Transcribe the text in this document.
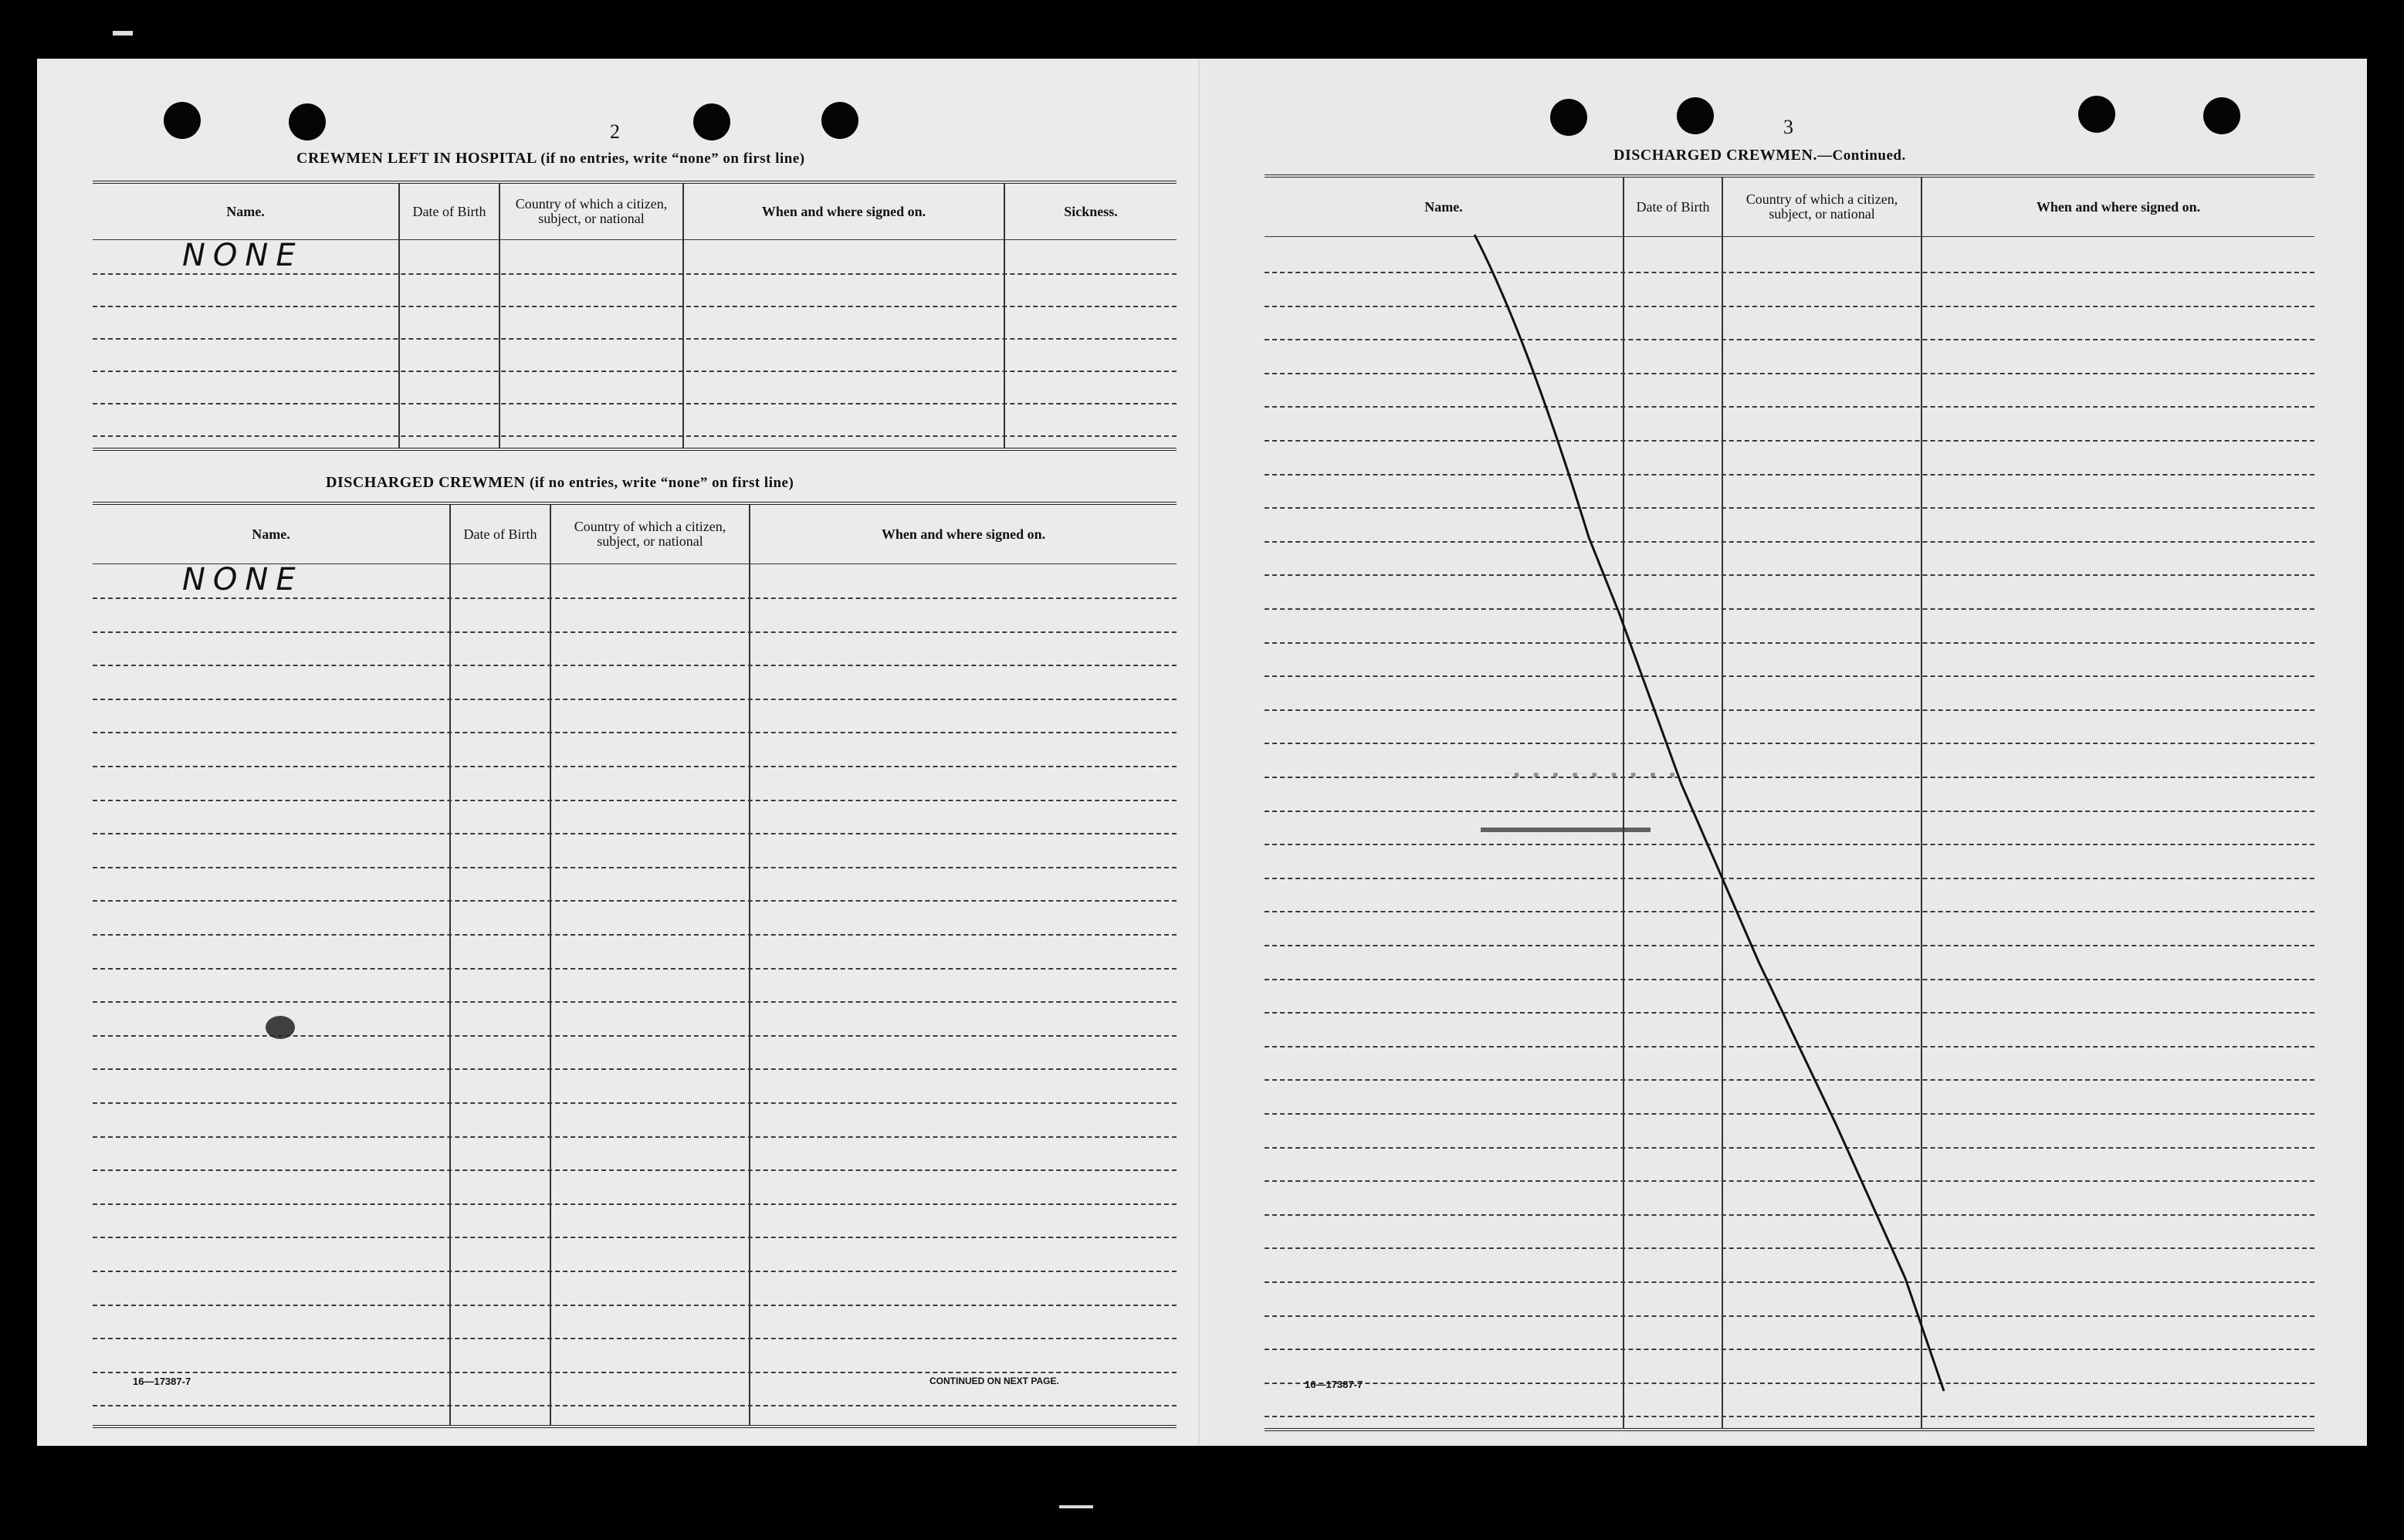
2
CREWMEN LEFT IN HOSPITAL (if no entries, write “none” on first line)
Name.	Date of Birth	Country of which a citizen, subject, or national	When and where signed on.	Sickness.
NONE
DISCHARGED CREWMEN (if no entries, write “none” on first line)
Name.	Date of Birth	Country of which a citizen, subject, or national	When and where signed on.
NONE
16—17387-7	CONTINUED ON NEXT PAGE.
3
DISCHARGED CREWMEN.—Continued.
Name.	Date of Birth	Country of which a citizen, subject, or national	When and where signed on.
▪▪▪▪▪▪▪▪▪
16—17387-7
